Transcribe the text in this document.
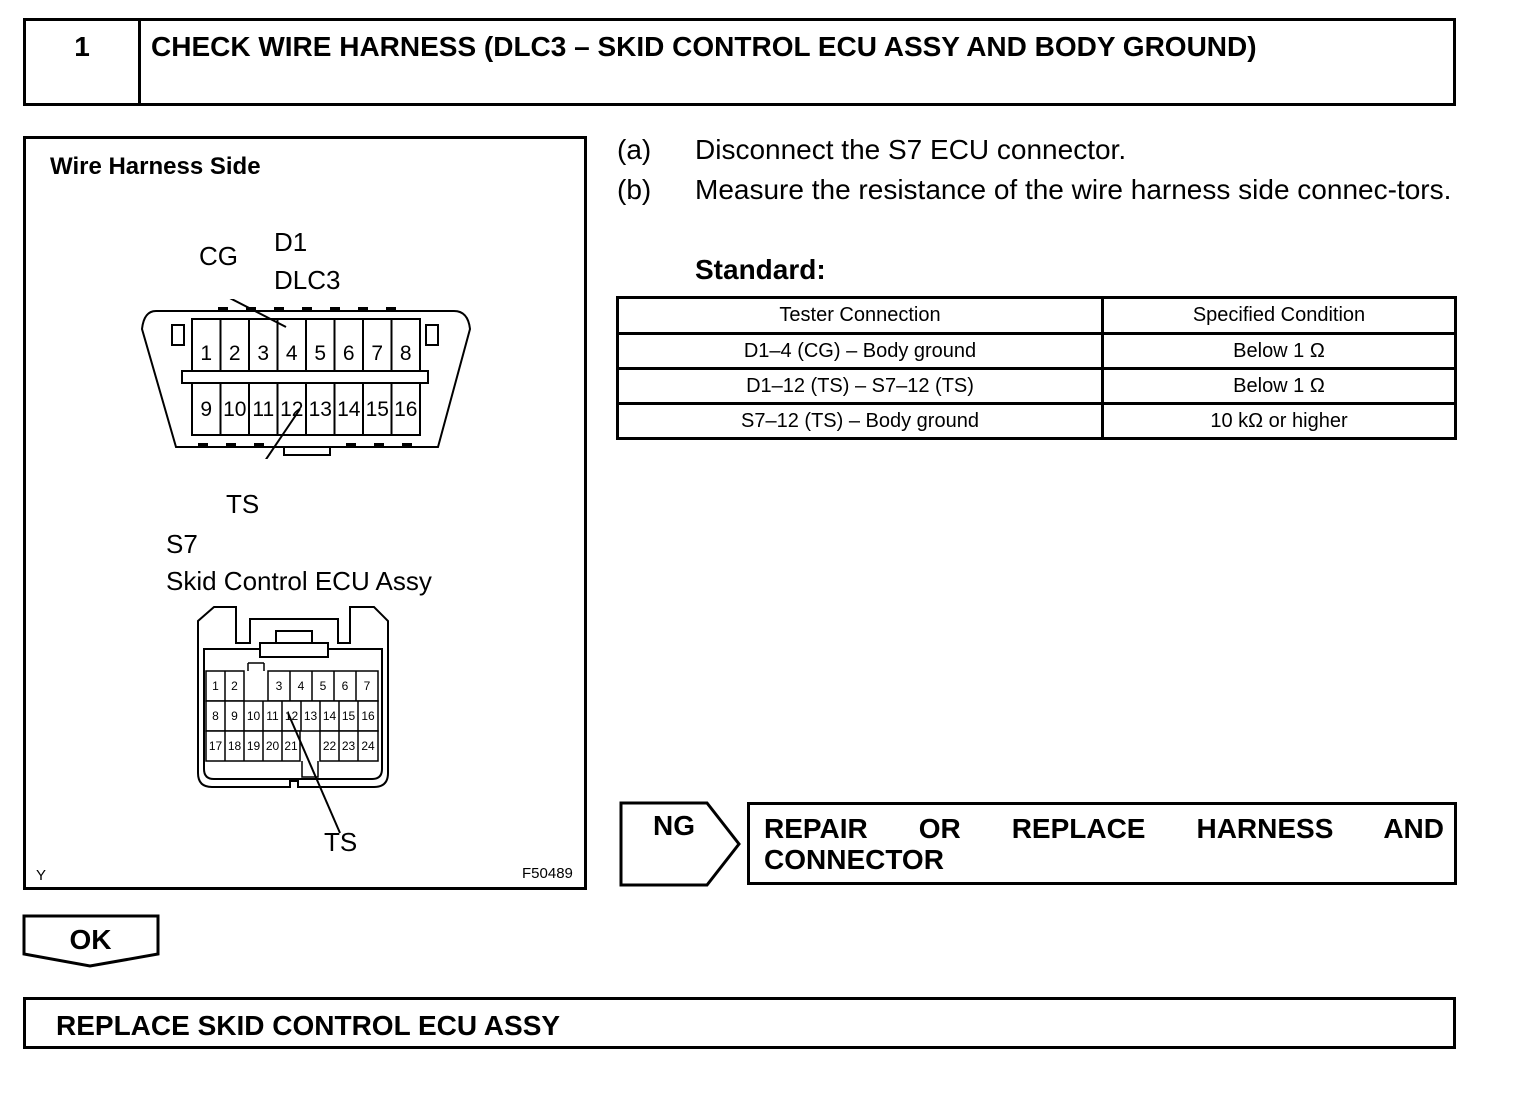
1	CHECK WIRE HARNESS (DLC3 – SKID CONTROL ECU ASSY AND BODY GROUND)
Wire Harness Side
CG D1
DLC3
1 2 3 4 5 6 7 8
9 10 11 12 13 14 15 16
TS
S7
Skid Control ECU Assy
1	2	3	4	5	6	7
8	9 10 11 12 13 14 15 16
17 18 19 20 21 22 23 24
TS
Y	F50489
(a) Disconnect the S7 ECU connector.
(b) Measure the resistance of the wire harness side connec-tors.
Standard:
Tester Connection	Specified Condition
D1–4 (CG) – Body ground	Below 1 Ω
D1–12 (TS) – S7–12 (TS)	Below 1 Ω
S7–12 (TS) – Body ground	10 kΩ or higher
NG	REPAIR OR REPLACE HARNESS AND
CONNECTOR
OK
REPLACE SKID CONTROL ECU ASSY
